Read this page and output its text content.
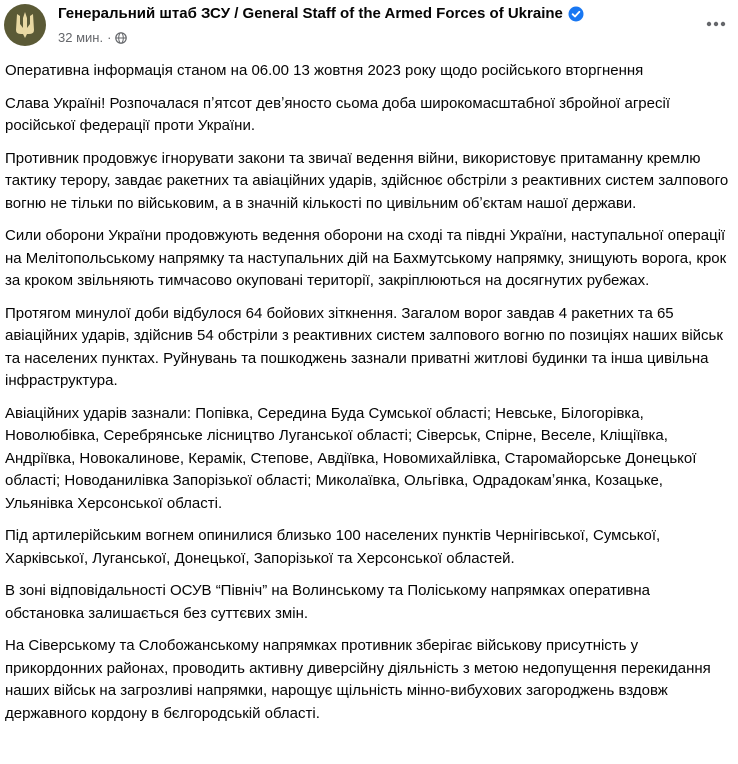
Генеральний штаб ЗСУ / General Staff of the Armed Forces of Ukraine
32 мин. ·

Оперативна інформація станом на 06.00 13 жовтня 2023 року щодо російського вторгнення

Слава Україні! Розпочалася пʼятсот девʼяносто сьома доба широкомасштабної збройної агресії російської федерації проти України.

Противник продовжує ігнорувати закони та звичаї ведення війни, використовує притаманну кремлю тактику терору, завдає ракетних та авіаційних ударів, здійснює обстріли з реактивних систем залпового вогню не тільки по військовим, а в значній кількості по цивільним обʼєктам нашої держави.

Сили оборони України продовжують ведення оборони на сході та півдні України, наступальної операції на Мелітопольському напрямку та наступальних дій на Бахмутському напрямку, знищують ворога, крок за кроком звільняють тимчасово окуповані території, закріплюються на досягнутих рубежах.

Протягом минулої доби відбулося 64 бойових зіткнення. Загалом ворог завдав 4 ракетних та 65 авіаційних ударів, здійснив 54 обстріли з реактивних систем залпового вогню по позиціях наших військ та населених пунктах. Руйнувань та пошкоджень зазнали приватні житлові будинки та інша цивільна інфраструктура.

Авіаційних ударів зазнали: Попівка, Середина Буда Сумської області; Невське, Білогорівка, Новолюбівка, Серебрянське лісництво Луганської області; Сіверськ, Спірне, Веселе, Кліщіївка, Андріївка, Новокалинове, Керамік, Степове, Авдіївка, Новомихайлівка, Старомайорське Донецької області; Новоданилівка Запорізької області; Миколаївка, Ольгівка, Одрадокамʼянка, Козацьке, Ульянівка Херсонської області.

Під артилерійським вогнем опинилися близько 100 населених пунктів Чернігівської, Сумської, Харківської, Луганської, Донецької, Запорізької та Херсонської областей.

В зоні відповідальності ОСУВ “Північ” на Волинському та Поліському напрямках оперативна обстановка залишається без суттєвих змін.

На Сіверському та Слобожанському напрямках противник зберігає військову присутність у прикордонних районах, проводить активну диверсійну діяльність з метою недопущення перекидання наших військ на загрозливі напрямки, нарощує щільність мінно-вибухових загороджень вздовж державного кордону в бєлгородській області.
